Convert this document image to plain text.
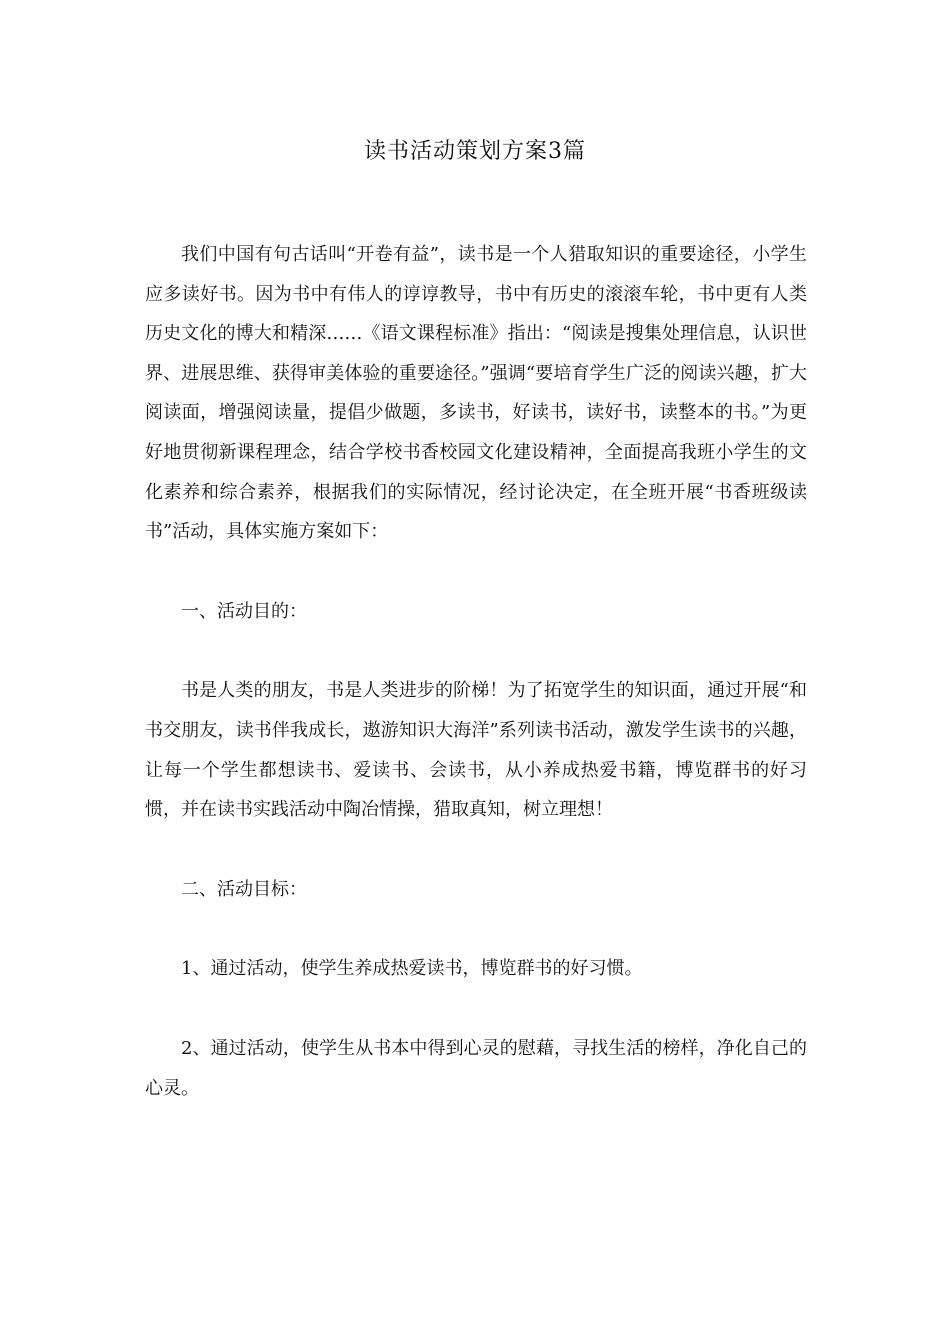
读书活动策划方案3篇

我们中国有句古话叫“开卷有益”，读书是一个人猎取知识的重要途径，小学生应多读好书。因为书中有伟人的谆谆教导，书中有历史的滚滚车轮，书中更有人类历史文化的博大和精深……《语文课程标准》指出：“阅读是搜集处理信息，认识世界、进展思维、获得审美体验的重要途径。”强调“要培育学生广泛的阅读兴趣，扩大阅读面，增强阅读量，提倡少做题，多读书，好读书，读好书，读整本的书。”为更好地贯彻新课程理念，结合学校书香校园文化建设精神，全面提高我班小学生的文化素养和综合素养，根据我们的实际情况，经讨论决定，在全班开展“书香班级读书”活动，具体实施方案如下：

一、活动目的：

书是人类的朋友，书是人类进步的阶梯！为了拓宽学生的知识面，通过开展“和书交朋友，读书伴我成长，遨游知识大海洋”系列读书活动，激发学生读书的兴趣，让每一个学生都想读书、爱读书、会读书，从小养成热爱书籍，博览群书的好习惯，并在读书实践活动中陶冶情操，猎取真知，树立理想！

二、活动目标：

1、通过活动，使学生养成热爱读书，博览群书的好习惯。

2、通过活动，使学生从书本中得到心灵的慰藉，寻找生活的榜样，净化自己的心灵。
